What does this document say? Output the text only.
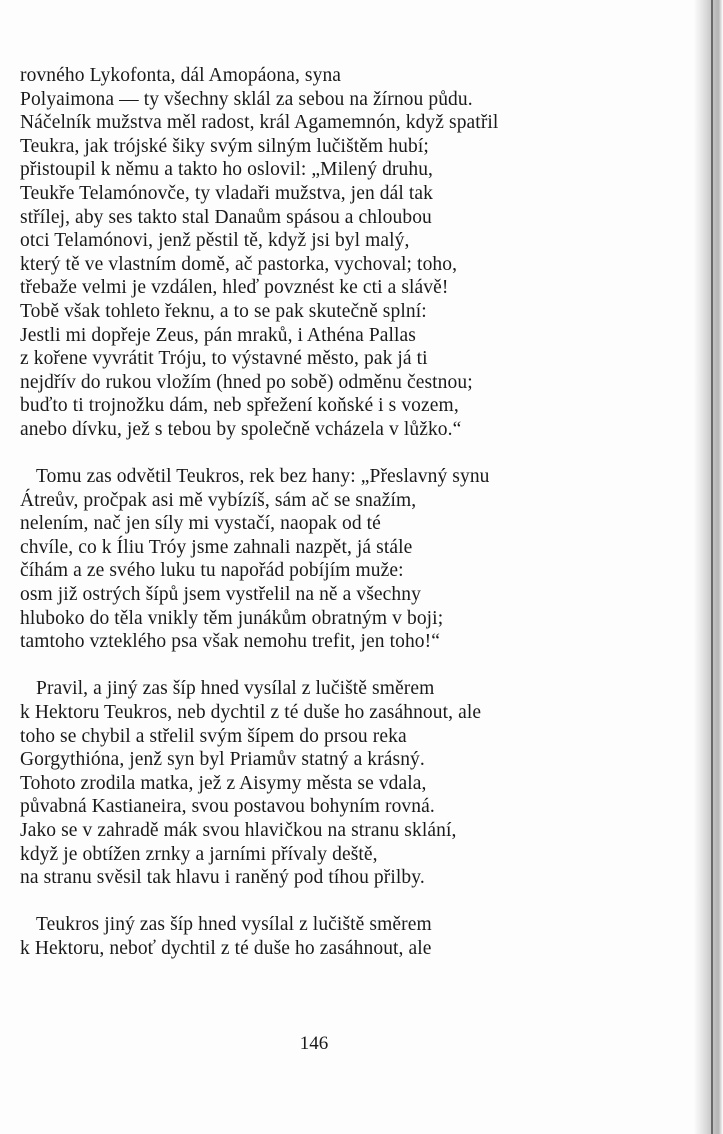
rovného Lykofonta, dál Amopáona, syna
Polyaimona — ty všechny sklál za sebou na žírnou půdu.
Náčelník mužstva měl radost, král Agamemnón, když spatřil
Teukra, jak trójské šiky svým silným lučištěm hubí;
přistoupil k němu a takto ho oslovil: „Milený druhu,
Teukře Telamónovče, ty vladaři mužstva, jen dál tak
střílej, aby ses takto stal Danaům spásou a chloubou
otci Telamónovi, jenž pěstil tě, když jsi byl malý,
který tě ve vlastním domě, ač pastorka, vychoval; toho,
třebaže velmi je vzdálen, hleď povznést ke cti a slávě!
Tobě však tohleto řeknu, a to se pak skutečně splní:
Jestli mi dopřeje Zeus, pán mraků, i Athéna Pallas
z kořene vyvrátit Tróju, to výstavné město, pak já ti
nejdřív do rukou vložím (hned po sobě) odměnu čestnou;
buďto ti trojnožku dám, neb spřežení koňské i s vozem,
anebo dívku, jež s tebou by společně vcházela v lůžko.“

Tomu zas odvětil Teukros, rek bez hany: „Přeslavný synu
Átreův, pročpak asi mě vybízíš, sám ač se snažím,
nelením, nač jen síly mi vystačí, naopak od té
chvíle, co k Íliu Tróy jsme zahnali nazpět, já stále
číhám a ze svého luku tu napořád pobíjím muže:
osm již ostrých šípů jsem vystřelil na ně a všechny
hluboko do těla vnikly těm junákům obratným v boji;
tamtoho vzteklého psa však nemohu trefit, jen toho!“

Pravil, a jiný zas šíp hned vysílal z lučiště směrem
k Hektoru Teukros, neb dychtil z té duše ho zasáhnout, ale
toho se chybil a střelil svým šípem do prsou reka
Gorgythióna, jenž syn byl Priamův statný a krásný.
Tohoto zrodila matka, jež z Aisymy města se vdala,
půvabná Kastianeira, svou postavou bohyním rovná.
Jako se v zahradě mák svou hlavičkou na stranu sklání,
když je obtížen zrnky a jarními přívaly deště,
na stranu svěsil tak hlavu i raněný pod tíhou přilby.

Teukros jiný zas šíp hned vysílal z lučiště směrem
k Hektoru, neboť dychtil z té duše ho zasáhnout, ale

146
